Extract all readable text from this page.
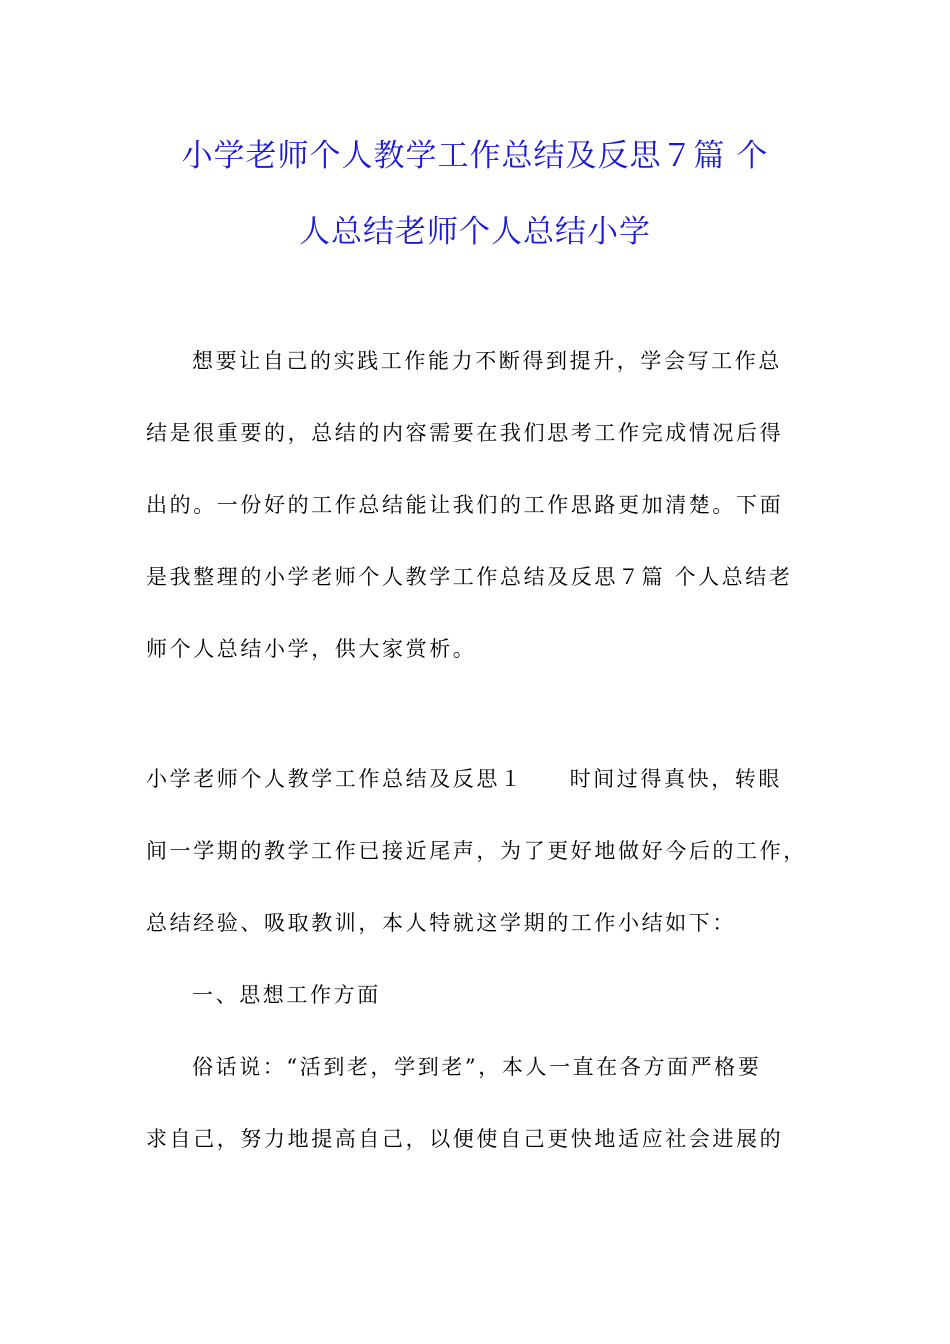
小学老师个人教学工作总结及反思７篇 个
人总结老师个人总结小学
想要让自己的实践工作能力不断得到提升，学会写工作总
结是很重要的，总结的内容需要在我们思考工作完成情况后得
出的。一份好的工作总结能让我们的工作思路更加清楚。下面
是我整理的小学老师个人教学工作总结及反思７篇 个人总结老
师个人总结小学，供大家赏析。
小学老师个人教学工作总结及反思１ 时间过得真快，转眼
间一学期的教学工作已接近尾声，为了更好地做好今后的工作，
总结经验、吸取教训，本人特就这学期的工作小结如下：
一、思想工作方面
俗话说：“活到老，学到老”，本人一直在各方面严格要
求自己，努力地提高自己，以便使自己更快地适应社会进展的
